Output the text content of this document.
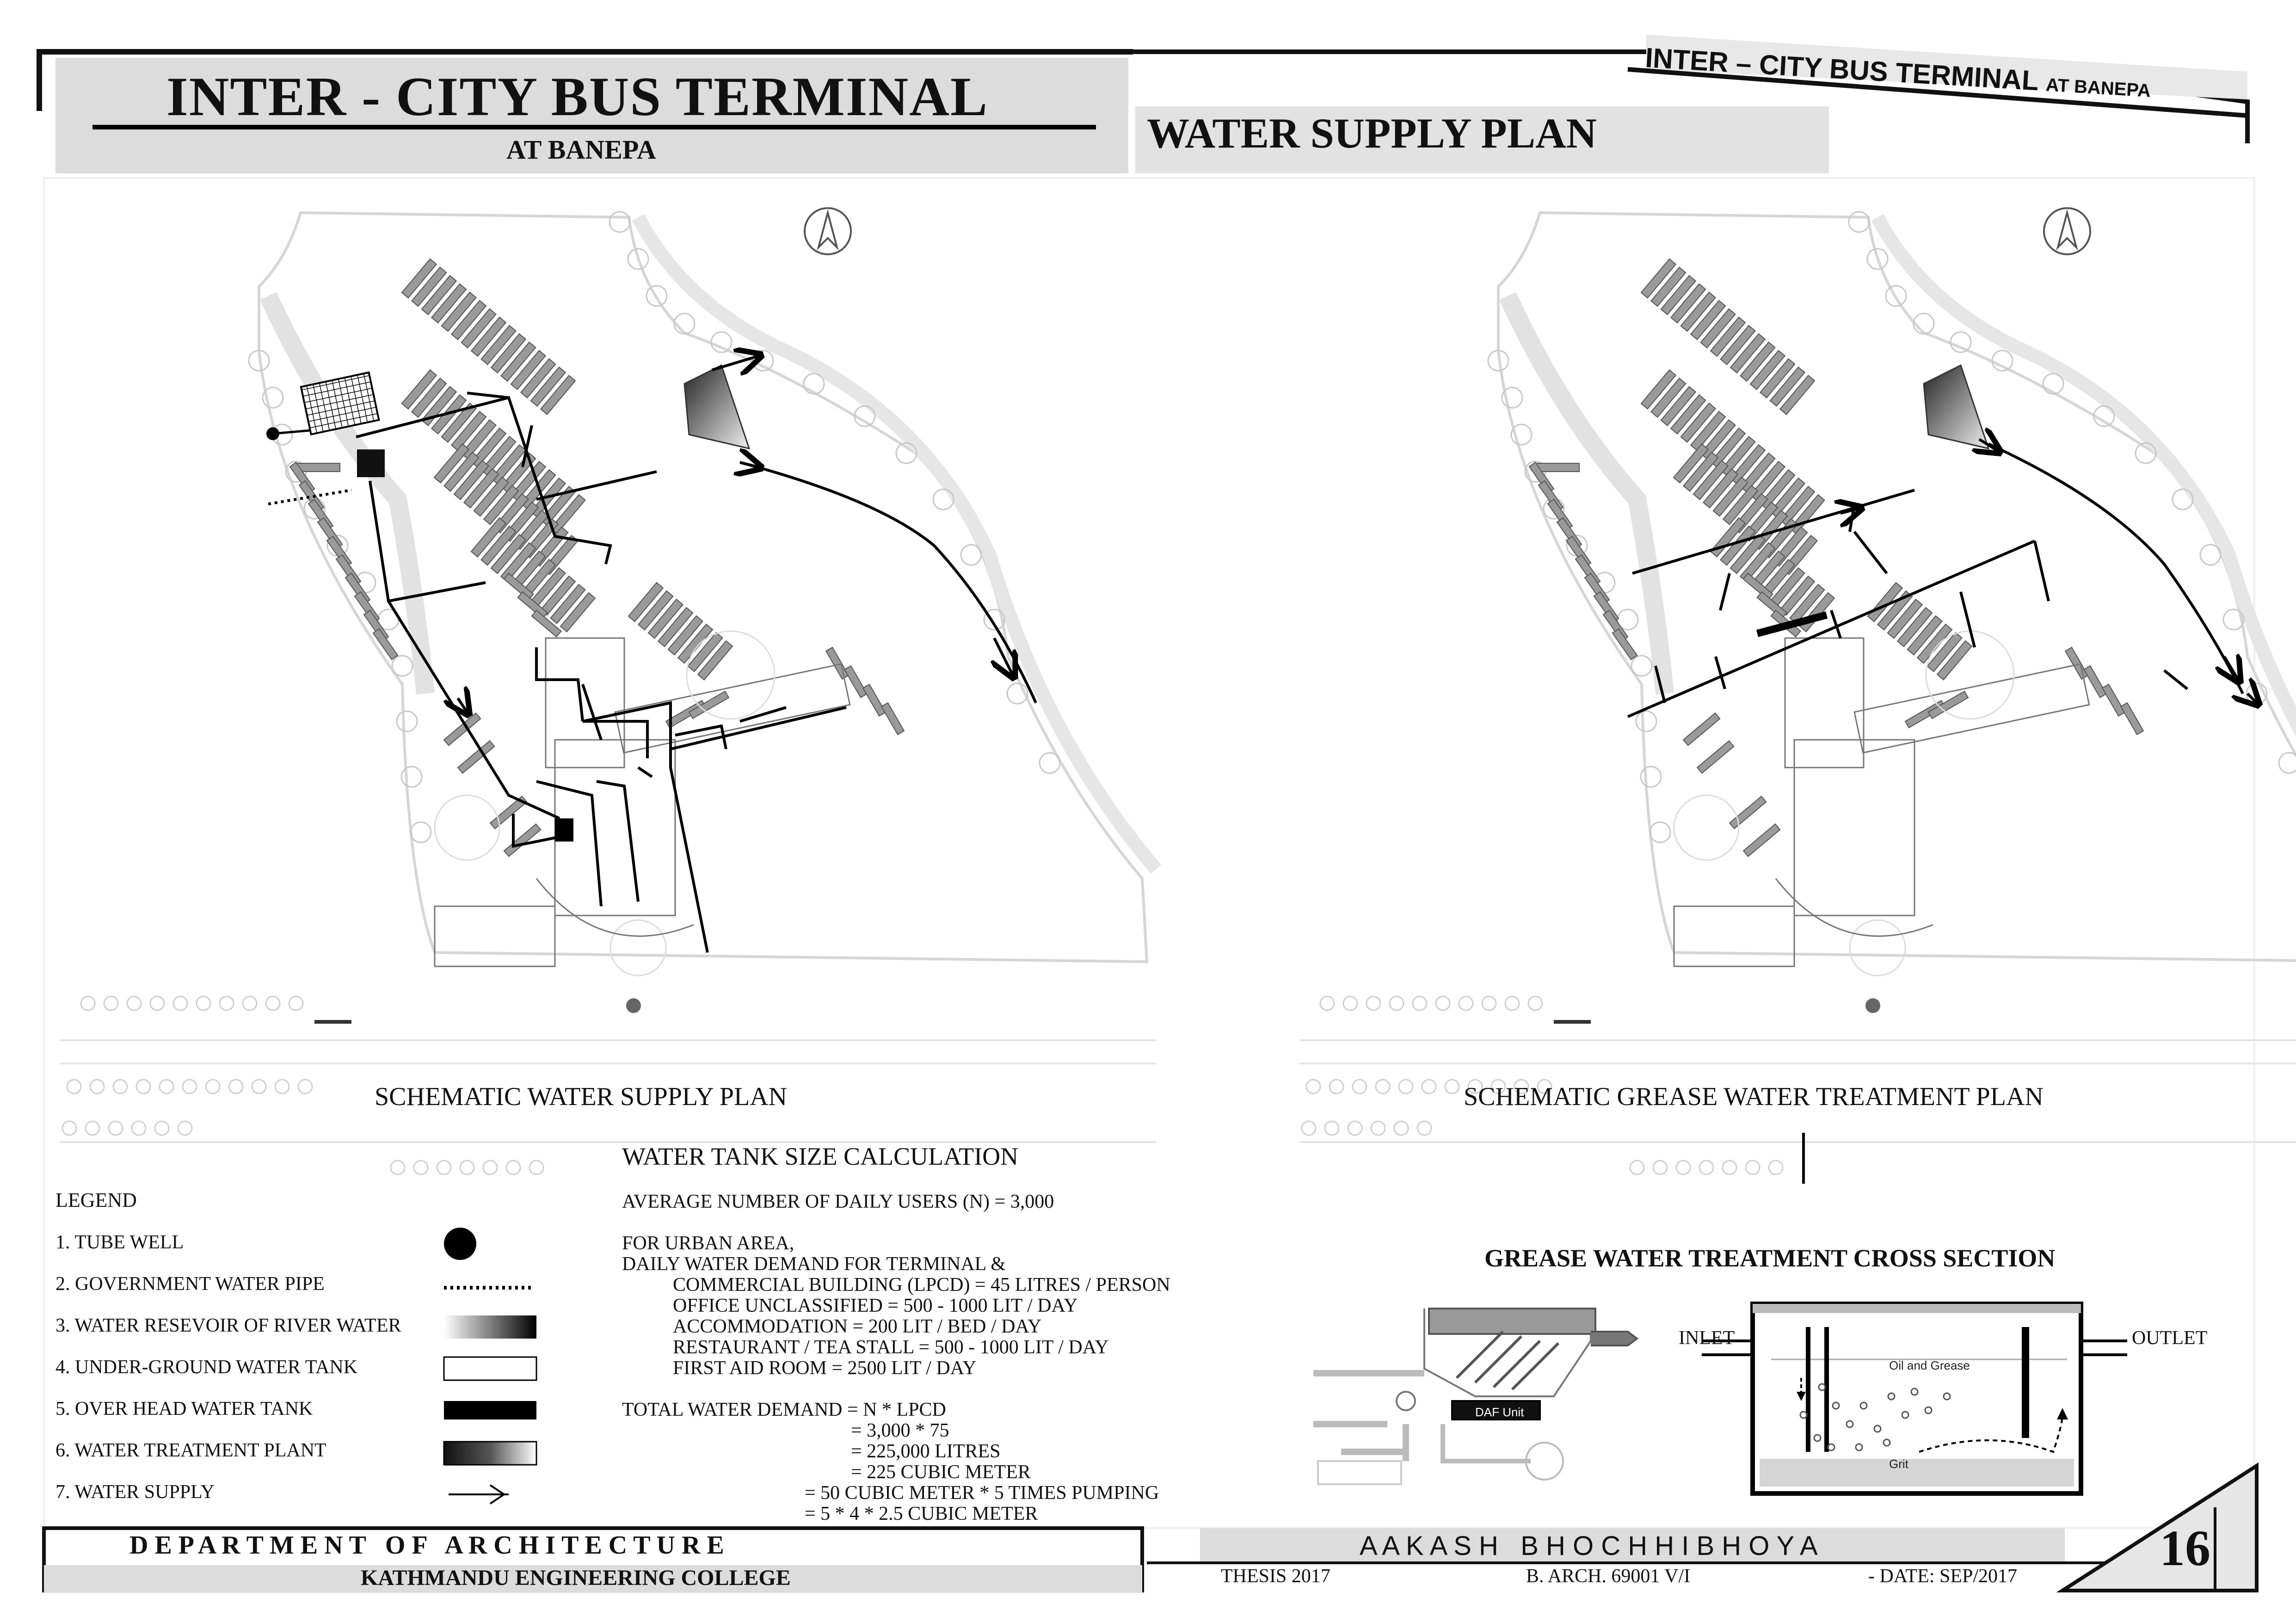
DAF Unit
Oil and Grease
Grit
INTER - CITY BUS TERMINAL
AT BANEPA	WATER SUPPLY PLAN
INTER – CITY BUS TERMINAL AT BANEPA
SCHEMATIC WATER SUPPLY PLAN	SCHEMATIC GREASE WATER TREATMENT PLAN
LEGEND
1. TUBE WELL
2. GOVERNMENT WATER PIPE
3. WATER RESEVOIR OF RIVER WATER
4. UNDER-GROUND WATER TANK
5. OVER HEAD WATER TANK
6. WATER TREATMENT PLANT
7. WATER SUPPLY
WATER TANK SIZE CALCULATION
AVERAGE NUMBER OF DAILY USERS (N) = 3,000
FOR URBAN AREA,
DAILY WATER DEMAND FOR TERMINAL &
COMMERCIAL BUILDING (LPCD) = 45 LITRES / PERSON
OFFICE UNCLASSIFIED = 500 - 1000 LIT / DAY
ACCOMMODATION = 200 LIT / BED / DAY
RESTAURANT / TEA STALL = 500 - 1000 LIT / DAY
FIRST AID ROOM = 2500 LIT / DAY
TOTAL WATER DEMAND = N * LPCD
= 3,000 * 75
= 225,000 LITRES
= 225 CUBIC METER
= 50 CUBIC METER * 5 TIMES PUMPING
= 5 * 4 * 2.5 CUBIC METER
GREASE WATER TREATMENT CROSS SECTION
INLET	OUTLET
D E P A R T M E N T   O F   A R C H I T E C T U R E
KATHMANDU ENGINEERING COLLEGE
A A K A S H   B H O C H H I B H O Y A
THESIS 2017	B. ARCH. 69001 V/I	- DATE: SEP/2017	16
